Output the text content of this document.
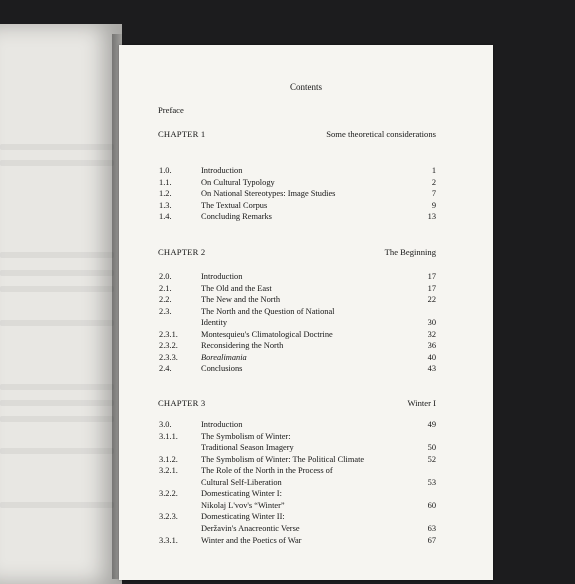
Contents
Preface
CHAPTER 1	Some theoretical considerations
1.0.	Introduction	1
1.1.	On Cultural Typology	2
1.2.	On National Stereotypes: Image Studies	7
1.3.	The Textual Corpus	9
1.4.	Concluding Remarks	13
CHAPTER 2	The Beginning
2.0.	Introduction	17
2.1.	The Old and the East	17
2.2.	The New and the North	22
2.3.	The North and the Question of National
Identity	30
2.3.1.	Montesquieu's Climatological Doctrine	32
2.3.2.	Reconsidering the North	36
2.3.3.	Borealimania	40
2.4.	Conclusions	43
CHAPTER 3	Winter I
3.0.	Introduction	49
3.1.1.	The Symbolism of Winter:
Traditional Season Imagery	50
3.1.2.	The Symbolism of Winter: The Political Climate	52
3.2.1.	The Role of the North in the Process of
Cultural Self-Liberation	53
3.2.2.	Domesticating Winter I:
Nikolaj L'vov's “Winter”	60
3.2.3.	Domesticating Winter II:
Deržavin's Anacreontic Verse	63
3.3.1.	Winter and the Poetics of War	67
